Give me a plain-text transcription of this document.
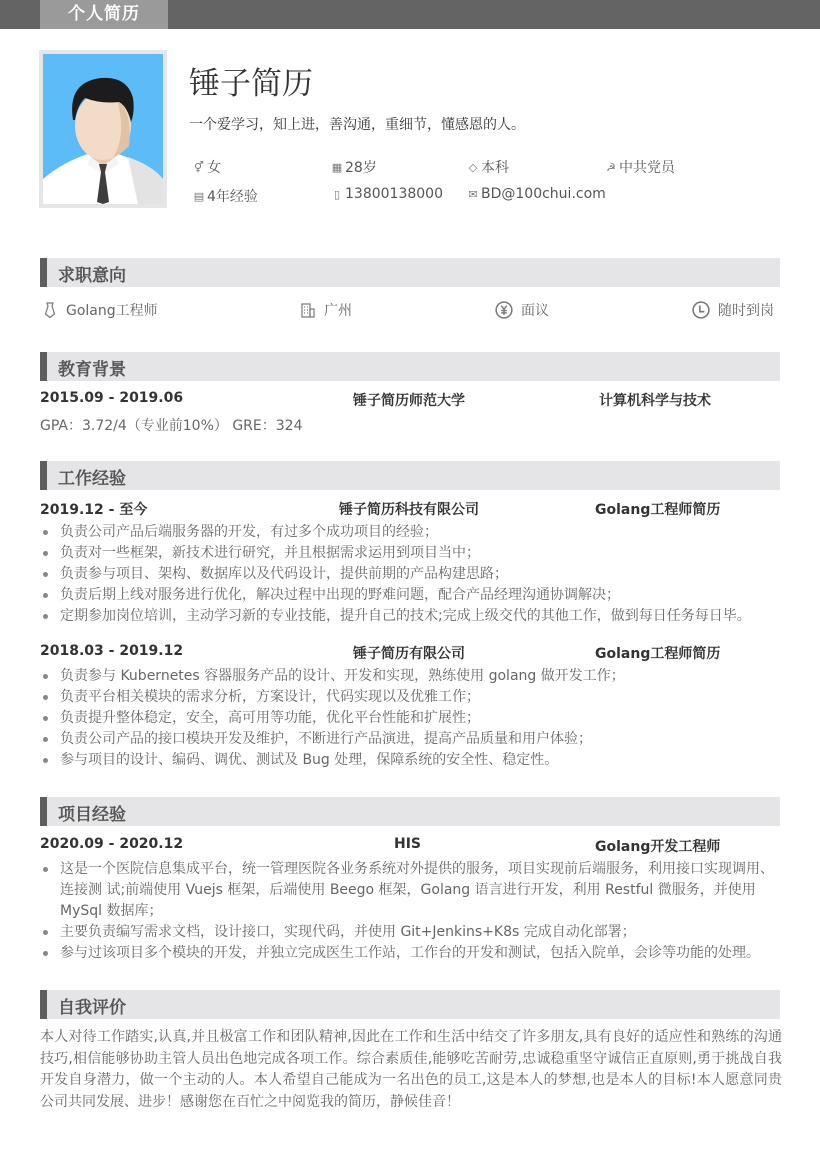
个人简历
锤子简历
一个爱学习，知上进，善沟通，重细节，懂感恩的人。
⚥ 女	▦ 28岁	◇ 本科	☭ 中共党员
▤ 4年经验	▯ 13800138000 ✉ BD@100chui.com
求职意向
Golang工程师	广州	面议	随时到岗
教育背景
2015.09 - 2019.06	锤子简历师范大学	计算机科学与技术
GPA：3.72/4（专业前10%） GRE：324
工作经验
2019.12 - 至今	锤子简历科技有限公司	Golang工程师简历
负责公司产品后端服务器的开发，有过多个成功项目的经验；
负责对一些框架，新技术进行研究，并且根据需求运用到项目当中；
负责参与项目、架构、数据库以及代码设计，提供前期的产品构建思路；
负责后期上线对服务进行优化，解决过程中出现的野难问题，配合产品经理沟通协调解决；
定期参加岗位培训，主动学习新的专业技能，提升自己的技术;完成上级交代的其他工作，做到每日任务每日毕。
2018.03 - 2019.12	锤子简历有限公司	Golang工程师简历
负责参与 Kubernetes 容器服务产品的设计、开发和实现，熟练使用 golang 做开发工作；
负责平台相关模块的需求分析，方案设计，代码实现以及优雅工作；
负责提升整体稳定，安全，高可用等功能，优化平台性能和扩展性；
负责公司产品的接口模块开发及维护，不断进行产品演进，提高产品质量和用户体验；
参与项目的设计、编码、调优、测试及 Bug 处理，保障系统的安全性、稳定性。
项目经验
2020.09 - 2020.12	HIS	Golang开发工程师
这是一个医院信息集成平台，统一管理医院各业务系统对外提供的服务，项目实现前后端服务，利用接口实现调用、连接测 试;前端使用 Vuejs 框架，后端使用 Beego 框架，Golang 语言进行开发，利用 Restful 微服务，并使用 MySql 数据库；
主要负责编写需求文档，设计接口，实现代码，并使用 Git+Jenkins+K8s 完成自动化部署；
参与过该项目多个模块的开发，并独立完成医生工作站，工作台的开发和测试，包括入院单，会诊等功能的处理。
自我评价
本人对待工作踏实,认真,并且极富工作和团队精神,因此在工作和生活中结交了许多朋友,具有良好的适应性和熟练的沟通技巧,相信能够协助主管人员出色地完成各项工作。综合素质佳,能够吃苦耐劳,忠诚稳重坚守诚信正直原则,勇于挑战自我开发自身潜力，做一个主动的人。本人希望自己能成为一名出色的员工,这是本人的梦想,也是本人的目标!本人愿意同贵公司共同发展、进步！感谢您在百忙之中阅览我的简历，静候佳音！
